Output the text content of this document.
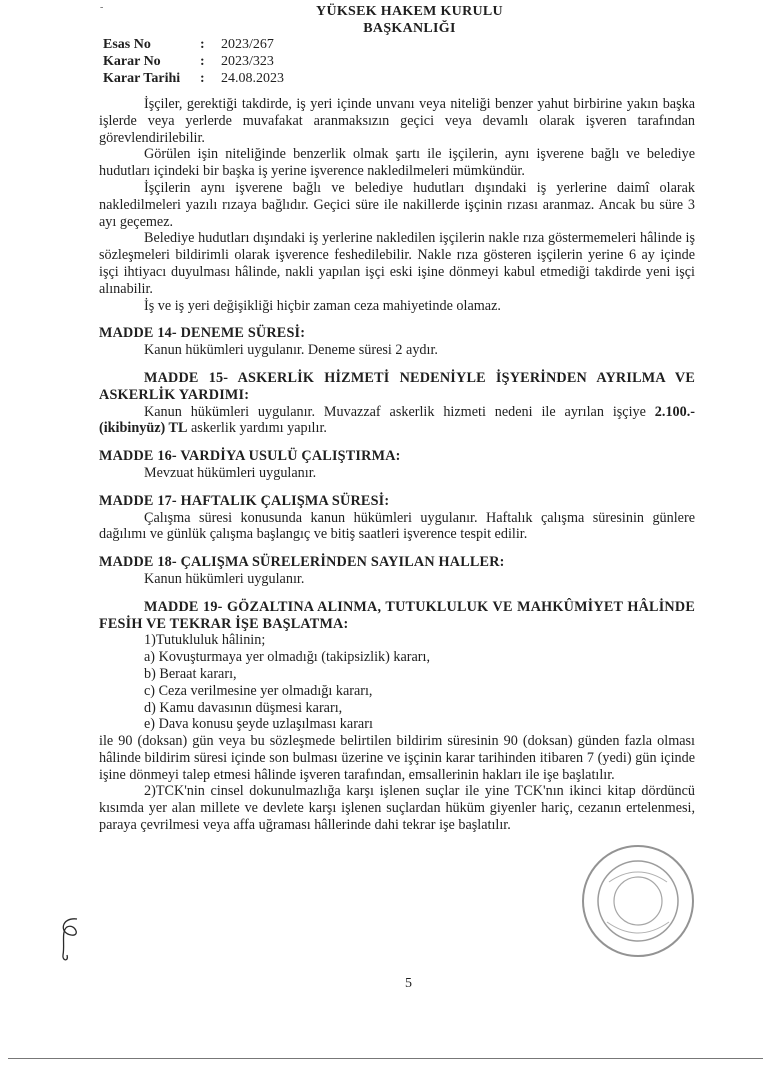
-	YÜKSEK HAKEM KURULU
BAŞKANLIĞI
Esas No	:	2023/267
Karar No	:	2023/323
Karar Tarihi	:	24.08.2023

İşçiler, gerektiği takdirde, iş yeri içinde unvanı veya niteliği benzer yahut birbirine yakın başka işlerde veya yerlerde muvafakat aranmaksızın geçici veya devamlı olarak işveren tarafından görevlendirilebilir.

Görülen işin niteliğinde benzerlik olmak şartı ile işçilerin, aynı işverene bağlı ve belediye hudutları içindeki bir başka iş yerine işverence nakledilmeleri mümkündür.

İşçilerin aynı işverene bağlı ve belediye hudutları dışındaki iş yerlerine daimî olarak nakledilmeleri yazılı rızaya bağlıdır. Geçici süre ile nakillerde işçinin rızası aranmaz. Ancak bu süre 3 ayı geçemez.

Belediye hudutları dışındaki iş yerlerine nakledilen işçilerin nakle rıza göstermemeleri hâlinde iş sözleşmeleri bildirimli olarak işverence feshedilebilir. Nakle rıza gösteren işçilerin yerine 6 ay içinde işçi ihtiyacı duyulması hâlinde, nakli yapılan işçi eski işine dönmeyi kabul etmediği takdirde yeni işçi alınabilir.

İş ve iş yeri değişikliği hiçbir zaman ceza mahiyetinde olamaz.

MADDE 14- DENEME SÜRESİ:

Kanun hükümleri uygulanır. Deneme süresi 2 aydır.

MADDE 15- ASKERLİK HİZMETİ NEDENİYLE İŞYERİNDEN AYRILMA VE ASKERLİK YARDIMI:

Kanun hükümleri uygulanır. Muvazzaf askerlik hizmeti nedeni ile ayrılan işçiye 2.100.-(ikibinyüz) TL askerlik yardımı yapılır.

MADDE 16- VARDİYA USULÜ ÇALIŞTIRMA:

Mevzuat hükümleri uygulanır.

MADDE 17- HAFTALIK ÇALIŞMA SÜRESİ:

Çalışma süresi konusunda kanun hükümleri uygulanır. Haftalık çalışma süresinin günlere dağılımı ve günlük çalışma başlangıç ve bitiş saatleri işverence tespit edilir.

MADDE 18- ÇALIŞMA SÜRELERİNDEN SAYILAN HALLER:

Kanun hükümleri uygulanır.

MADDE 19- GÖZALTINA ALINMA, TUTUKLULUK VE MAHKÛMİYET HÂLİNDE FESİH VE TEKRAR İŞE BAŞLATMA:

1)Tutukluluk hâlinin;

a) Kovuşturmaya yer olmadığı (takipsizlik) kararı,

b) Beraat kararı,

c) Ceza verilmesine yer olmadığı kararı,

d) Kamu davasının düşmesi kararı,

e) Dava konusu şeyde uzlaşılması kararı

ile 90 (doksan) gün veya bu sözleşmede belirtilen bildirim süresinin 90 (doksan) günden fazla olması hâlinde bildirim süresi içinde son bulması üzerine ve işçinin karar tarihinden itibaren 7 (yedi) gün içinde işine dönmeyi talep etmesi hâlinde işveren tarafından, emsallerinin hakları ile işe başlatılır.

2)TCK'nin cinsel dokunulmazlığa karşı işlenen suçlar ile yine TCK'nın ikinci kitap dördüncü kısımda yer alan millete ve devlete karşı işlenen suçlardan hüküm giyenler hariç, cezanın ertelenmesi, paraya çevrilmesi veya affa uğraması hâllerinde dahi tekrar işe başlatılır.

5
